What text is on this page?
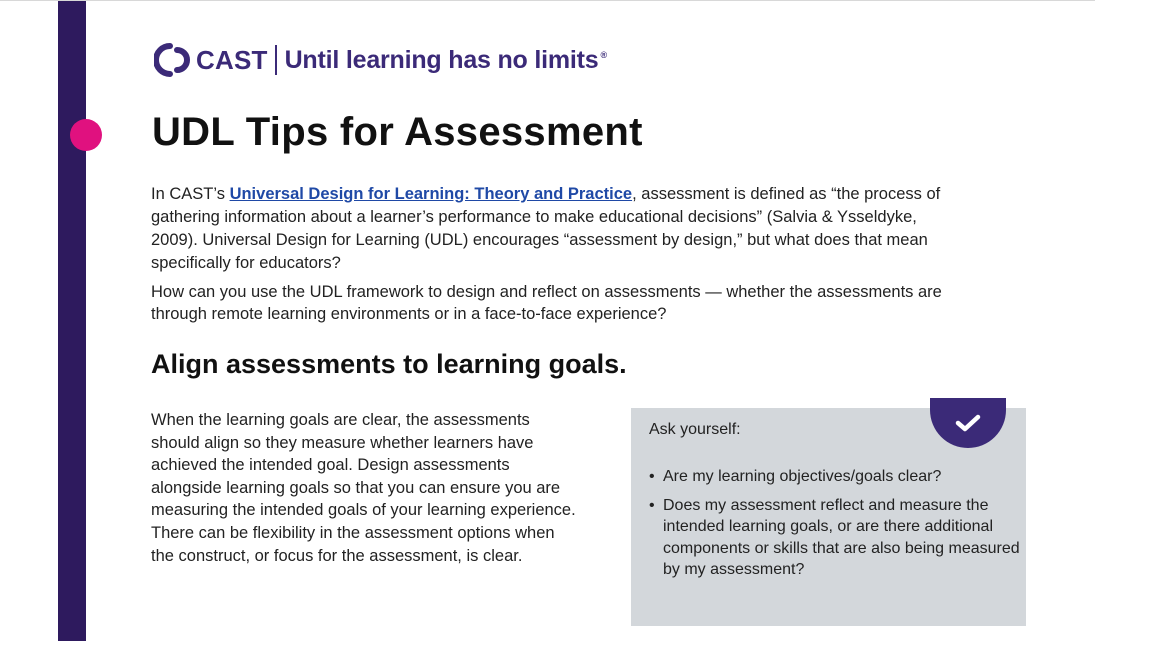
CAST Until learning has no limits ®
UDL Tips for Assessment

In CAST’s Universal Design for Learning: Theory and Practice, assessment is defined as “the process of gathering information about a learner’s performance to make educational decisions” (Salvia & Ysseldyke, 2009). Universal Design for Learning (UDL) encourages “assessment by design,” but what does that mean specifically for educators?

How can you use the UDL framework to design and reflect on assessments — whether the assessments are through remote learning environments or in a face-to-face experience?

Align assessments to learning goals.

When the learning goals are clear, the assessments should align so they measure whether learners have achieved the intended goal. Design assessments alongside learning goals so that you can ensure you are measuring the intended goals of your learning experience. There can be flexibility in the assessment options when the construct, or focus for the assessment, is clear.

Ask yourself:

• Are my learning objectives/goals clear?
• Does my assessment reflect and measure the intended learning goals, or are there additional components or skills that are also being measured by my assessment?
